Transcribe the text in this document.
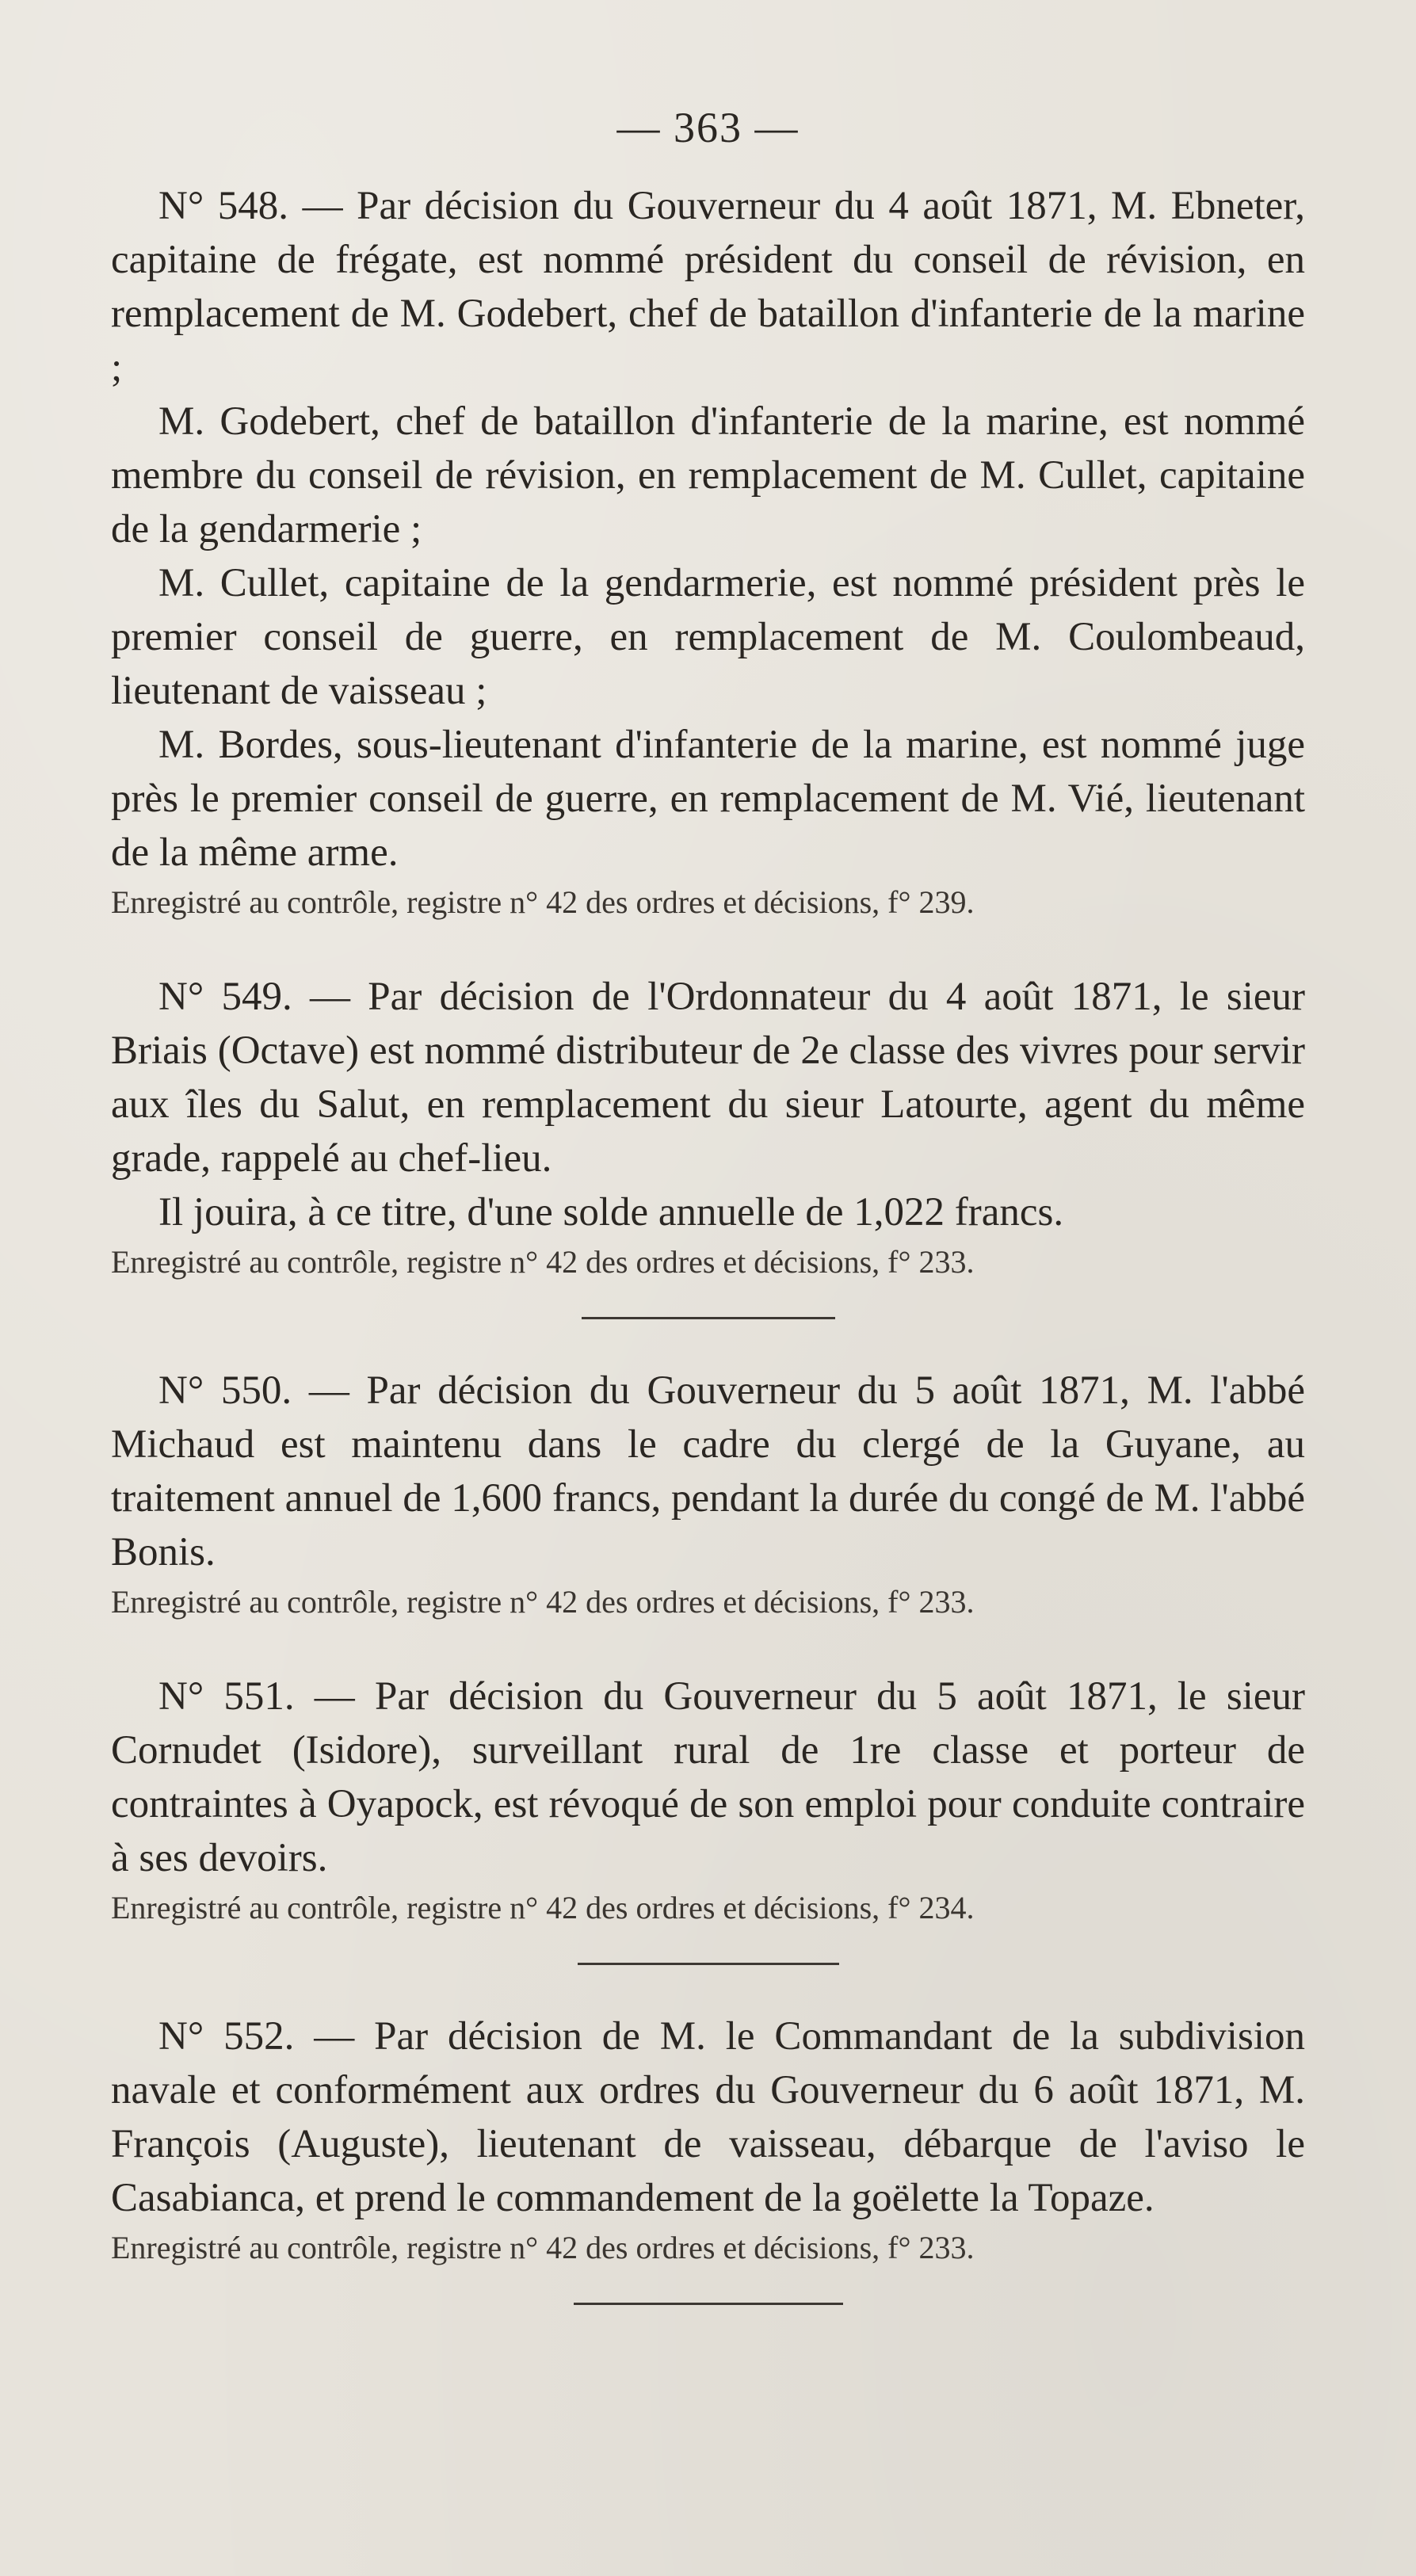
— 363 —

N° 548. — Par décision du Gouverneur du 4 août 1871, M. Ebneter, capitaine de frégate, est nommé président du conseil de révision, en remplacement de M. Godebert, chef de bataillon d'infanterie de la marine ;

M. Godebert, chef de bataillon d'infanterie de la marine, est nommé membre du conseil de révision, en remplacement de M. Cullet, capitaine de la gendarmerie ;

M. Cullet, capitaine de la gendarmerie, est nommé président près le premier conseil de guerre, en remplacement de M. Coulombeaud, lieutenant de vaisseau ;

M. Bordes, sous-lieutenant d'infanterie de la marine, est nommé juge près le premier conseil de guerre, en remplacement de M. Vié, lieutenant de la même arme.

Enregistré au contrôle, registre n° 42 des ordres et décisions, f° 239.

N° 549. — Par décision de l'Ordonnateur du 4 août 1871, le sieur Briais (Octave) est nommé distributeur de 2e classe des vivres pour servir aux îles du Salut, en remplacement du sieur Latourte, agent du même grade, rappelé au chef-lieu.

Il jouira, à ce titre, d'une solde annuelle de 1,022 francs.

Enregistré au contrôle, registre n° 42 des ordres et décisions, f° 233.

N° 550. — Par décision du Gouverneur du 5 août 1871, M. l'abbé Michaud est maintenu dans le cadre du clergé de la Guyane, au traitement annuel de 1,600 francs, pendant la durée du congé de M. l'abbé Bonis.

Enregistré au contrôle, registre n° 42 des ordres et décisions, f° 233.

N° 551. — Par décision du Gouverneur du 5 août 1871, le sieur Cornudet (Isidore), surveillant rural de 1re classe et porteur de contraintes à Oyapock, est révoqué de son emploi pour conduite contraire à ses devoirs.

Enregistré au contrôle, registre n° 42 des ordres et décisions, f° 234.

N° 552. — Par décision de M. le Commandant de la subdivision navale et conformément aux ordres du Gouverneur du 6 août 1871, M. François (Auguste), lieutenant de vaisseau, débarque de l'aviso le Casabianca, et prend le commandement de la goëlette la Topaze.

Enregistré au contrôle, registre n° 42 des ordres et décisions, f° 233.
